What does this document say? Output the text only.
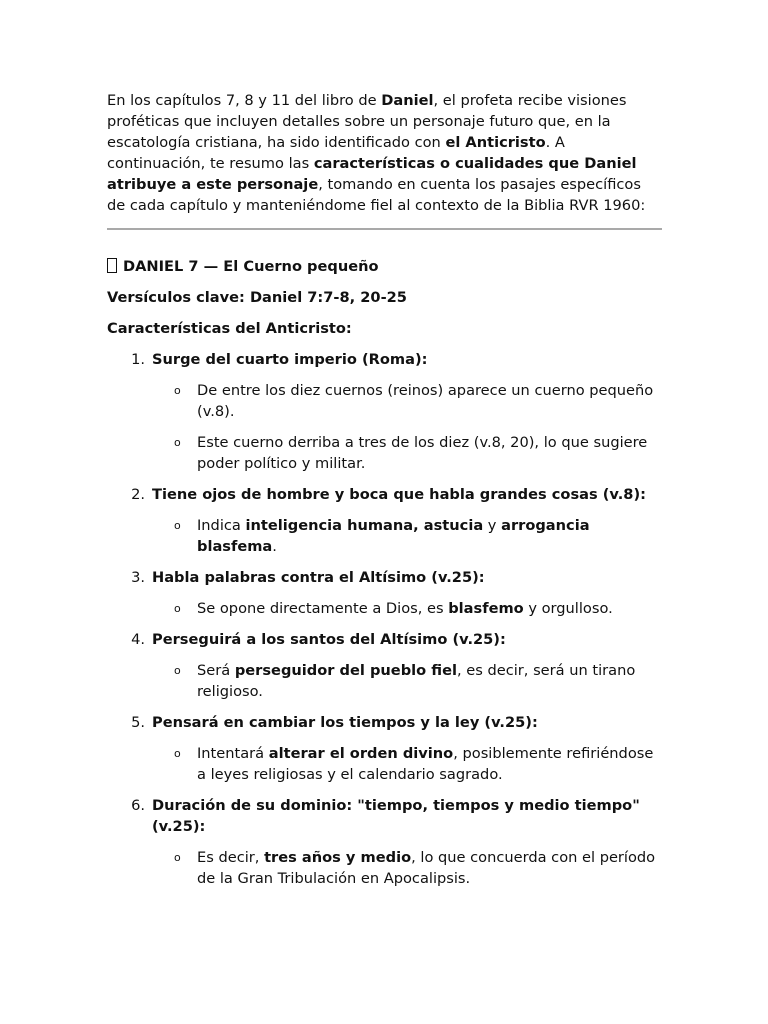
En los capítulos 7, 8 y 11 del libro de Daniel, el profeta recibe visiones proféticas que incluyen detalles sobre un personaje futuro que, en la escatología cristiana, ha sido identificado con el Anticristo. A continuación, te resumo las características o cualidades que Daniel atribuye a este personaje, tomando en cuenta los pasajes específicos de cada capítulo y manteniéndome fiel al contexto de la Biblia RVR 1960:

DANIEL 7 — El Cuerno pequeño
Versículos clave: Daniel 7:7-8, 20-25
Características del Anticristo:
1. Surge del cuarto imperio (Roma):
o De entre los diez cuernos (reinos) aparece un cuerno pequeño (v.8).
o Este cuerno derriba a tres de los diez (v.8, 20), lo que sugiere poder político y militar.
2. Tiene ojos de hombre y boca que habla grandes cosas (v.8):
o Indica inteligencia humana, astucia y arrogancia blasfema.
3. Habla palabras contra el Altísimo (v.25):
o Se opone directamente a Dios, es blasfemo y orgulloso.
4. Perseguirá a los santos del Altísimo (v.25):
o Será perseguidor del pueblo fiel, es decir, será un tirano religioso.
5. Pensará en cambiar los tiempos y la ley (v.25):
o Intentará alterar el orden divino, posiblemente refiriéndose a leyes religiosas y el calendario sagrado.
6. Duración de su dominio: "tiempo, tiempos y medio tiempo" (v.25):
o Es decir, tres años y medio, lo que concuerda con el período de la Gran Tribulación en Apocalipsis.
